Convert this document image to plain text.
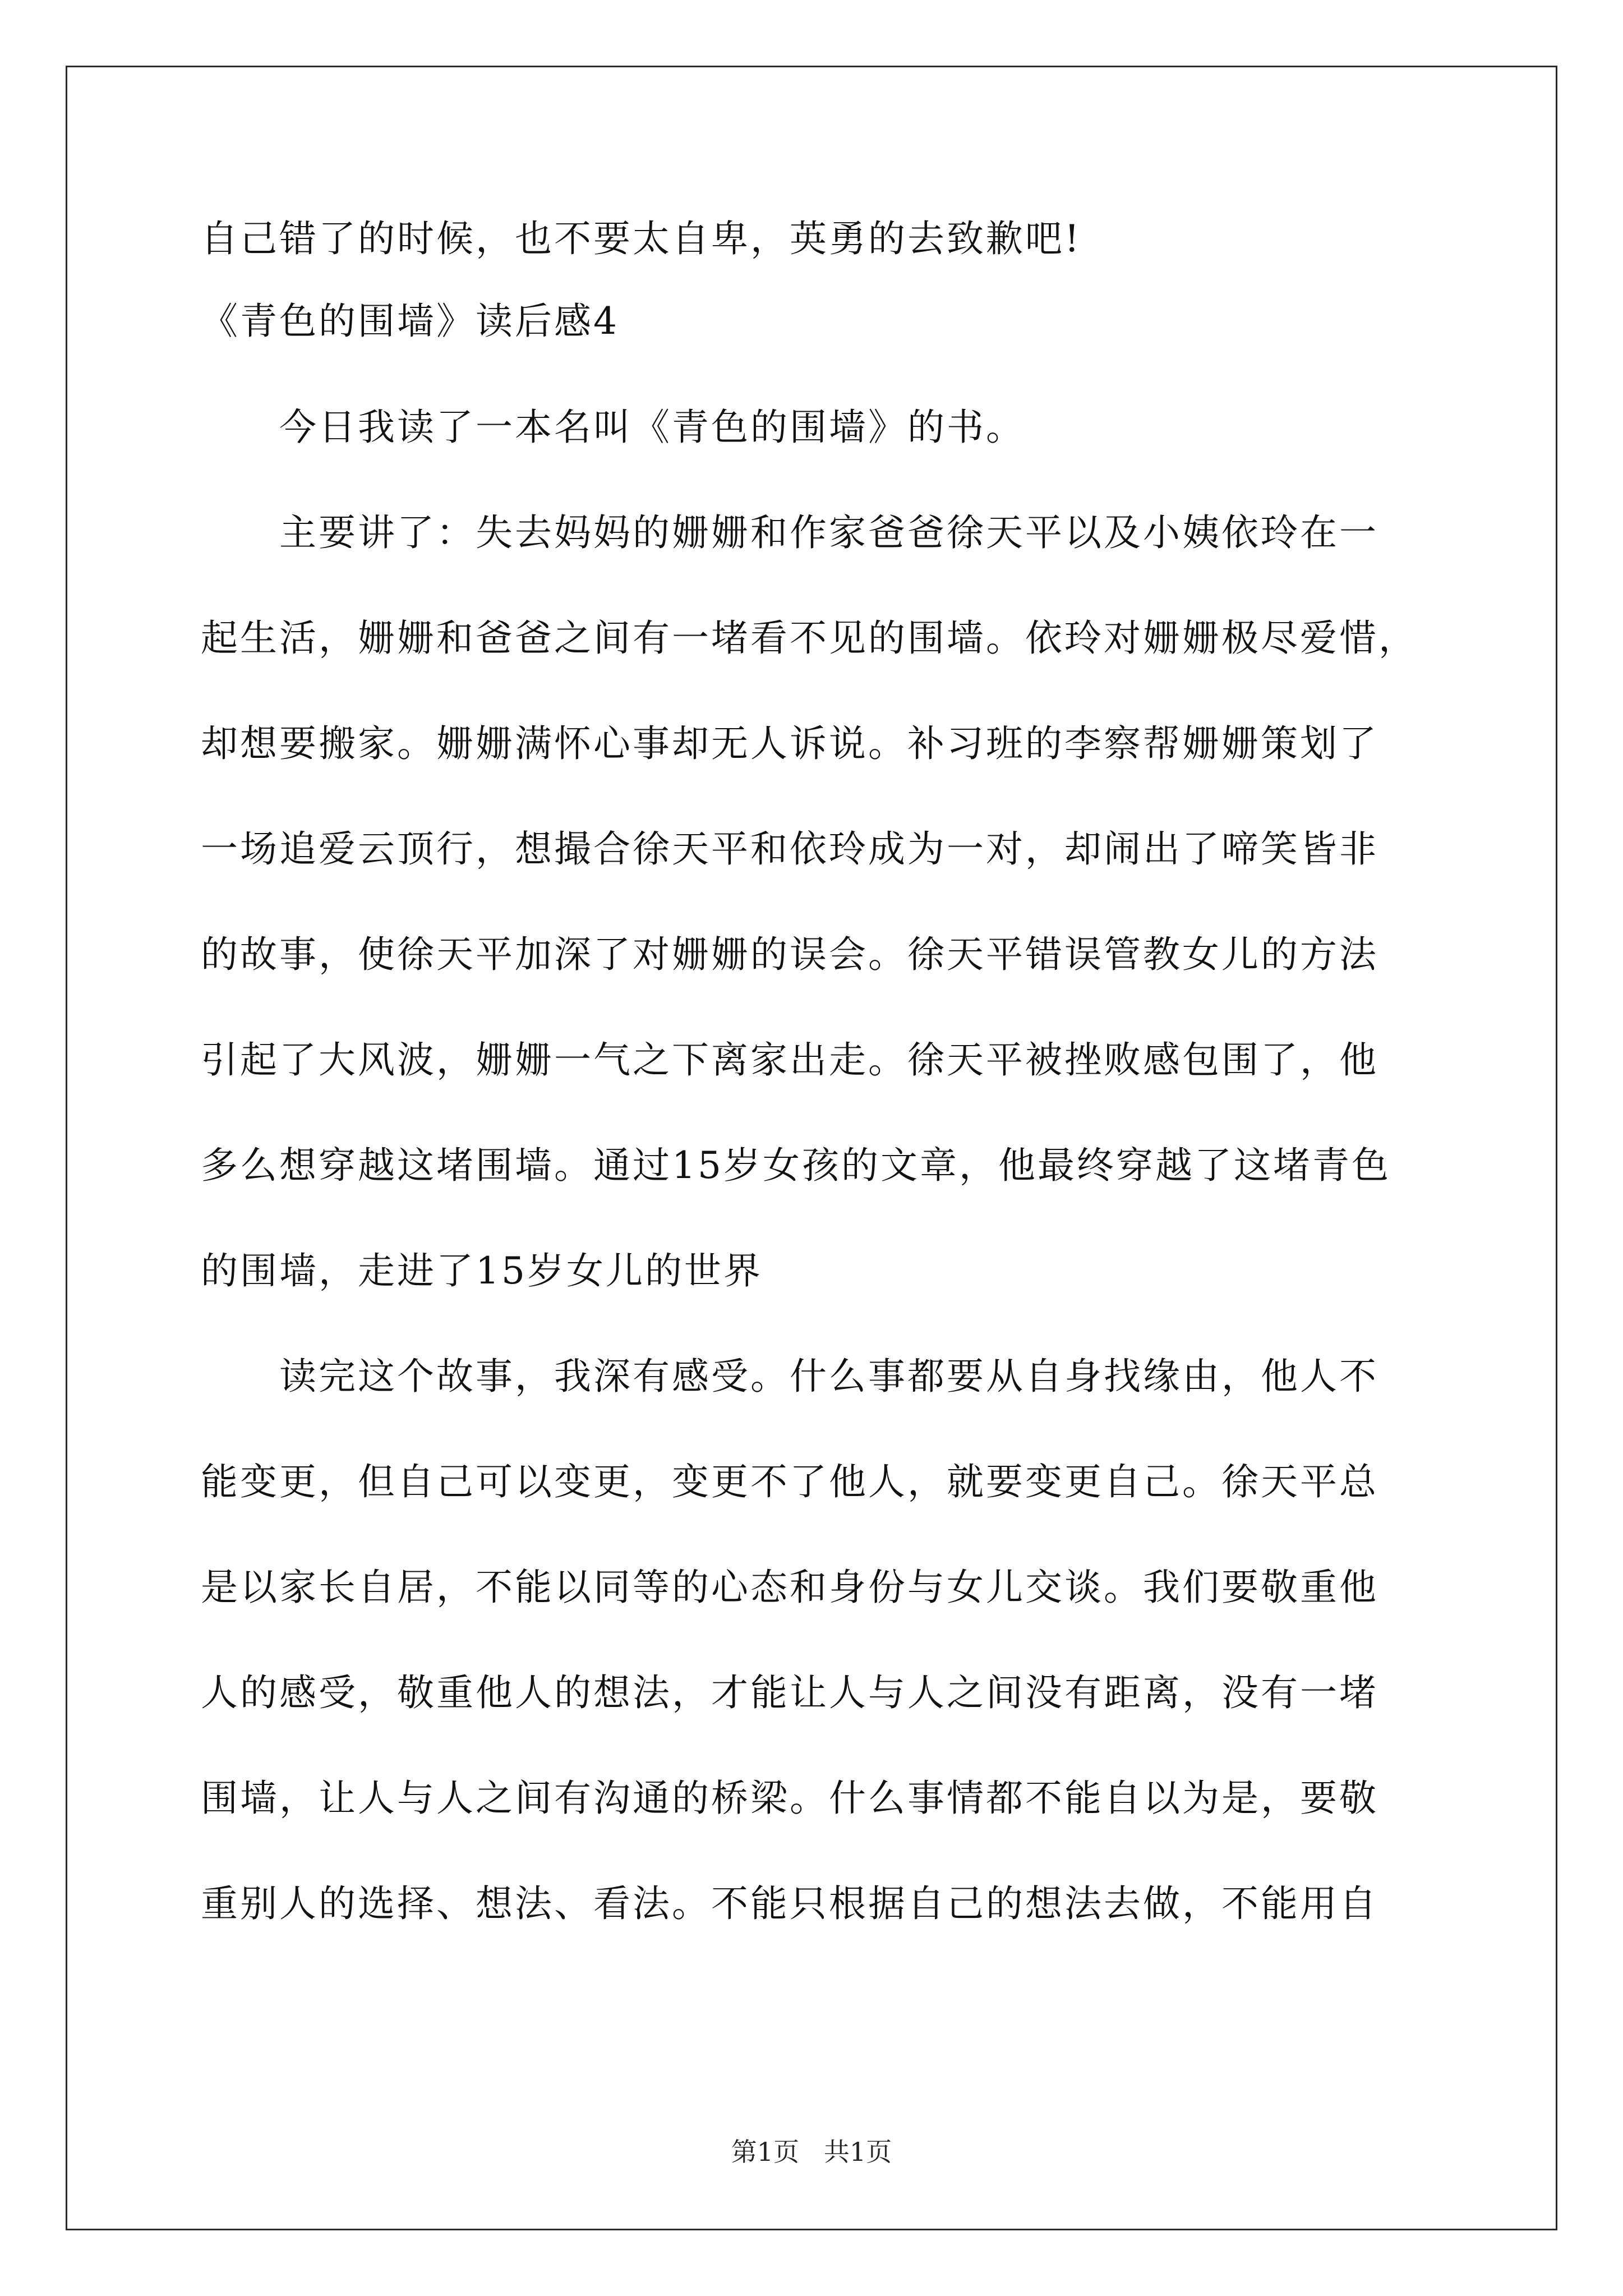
自己错了的时候，也不要太自卑，英勇的去致歉吧!
《青色的围墙》读后感4
今日我读了一本名叫《青色的围墙》的书。
主要讲了：失去妈妈的姗姗和作家爸爸徐天平以及小姨依玲在一
起生活，姗姗和爸爸之间有一堵看不见的围墙。依玲对姗姗极尽爱惜，
却想要搬家。姗姗满怀心事却无人诉说。补习班的李察帮姗姗策划了
一场追爱云顶行，想撮合徐天平和依玲成为一对，却闹出了啼笑皆非
的故事，使徐天平加深了对姗姗的误会。徐天平错误管教女儿的方法
引起了大风波，姗姗一气之下离家出走。徐天平被挫败感包围了，他
多么想穿越这堵围墙。通过15岁女孩的文章，他最终穿越了这堵青色
的围墙，走进了15岁女儿的世界
读完这个故事，我深有感受。什么事都要从自身找缘由，他人不
能变更，但自己可以变更，变更不了他人，就要变更自己。徐天平总
是以家长自居，不能以同等的心态和身份与女儿交谈。我们要敬重他
人的感受，敬重他人的想法，才能让人与人之间没有距离，没有一堵
围墙，让人与人之间有沟通的桥梁。什么事情都不能自以为是，要敬
重别人的选择、想法、看法。不能只根据自己的想法去做，不能用自
第1页   共1页
